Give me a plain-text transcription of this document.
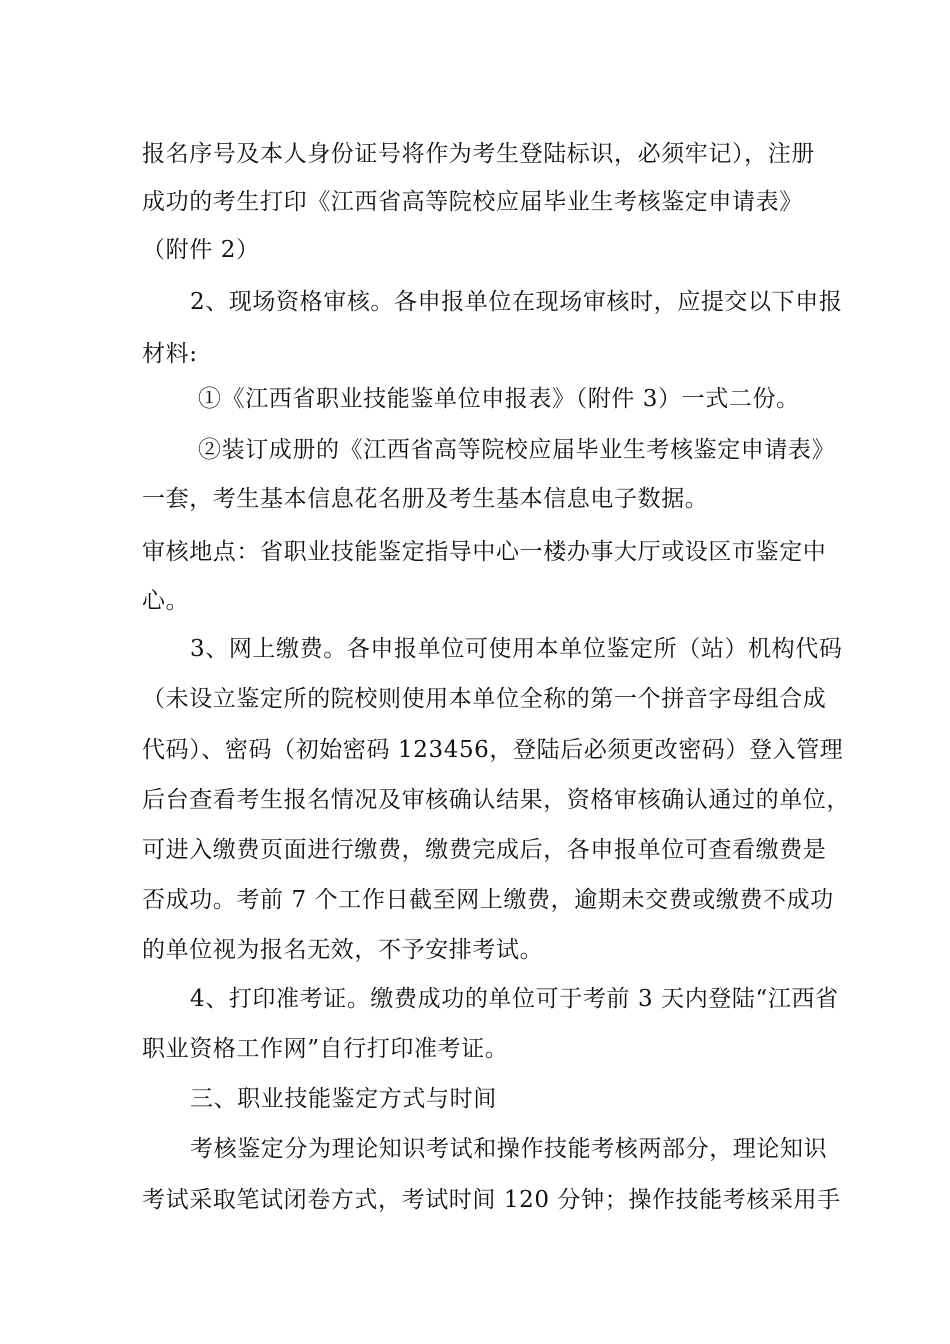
报名序号及本人身份证号将作为考生登陆标识，必须牢记），注册
成功的考生打印《江西省高等院校应届毕业生考核鉴定申请表》
（附件 2）
2、现场资格审核。各申报单位在现场审核时，应提交以下申报
材料:
①《江西省职业技能鉴单位申报表》（附件 3）一式二份。
②装订成册的《江西省高等院校应届毕业生考核鉴定申请表》
一套，考生基本信息花名册及考生基本信息电子数据。
审核地点：省职业技能鉴定指导中心一楼办事大厅或设区市鉴定中
心。
3、网上缴费。各申报单位可使用本单位鉴定所（站）机构代码
（未设立鉴定所的院校则使用本单位全称的第一个拼音字母组合成
代码）、密码（初始密码 123456，登陆后必须更改密码）登入管理
后台查看考生报名情况及审核确认结果，资格审核确认通过的单位，
可进入缴费页面进行缴费，缴费完成后，各申报单位可查看缴费是
否成功。考前 7 个工作日截至网上缴费，逾期未交费或缴费不成功
的单位视为报名无效，不予安排考试。
4、打印准考证。缴费成功的单位可于考前 3 天内登陆“江西省
职业资格工作网”自行打印准考证。
三、职业技能鉴定方式与时间
考核鉴定分为理论知识考试和操作技能考核两部分，理论知识
考试采取笔试闭卷方式，考试时间 120 分钟；操作技能考核采用手
